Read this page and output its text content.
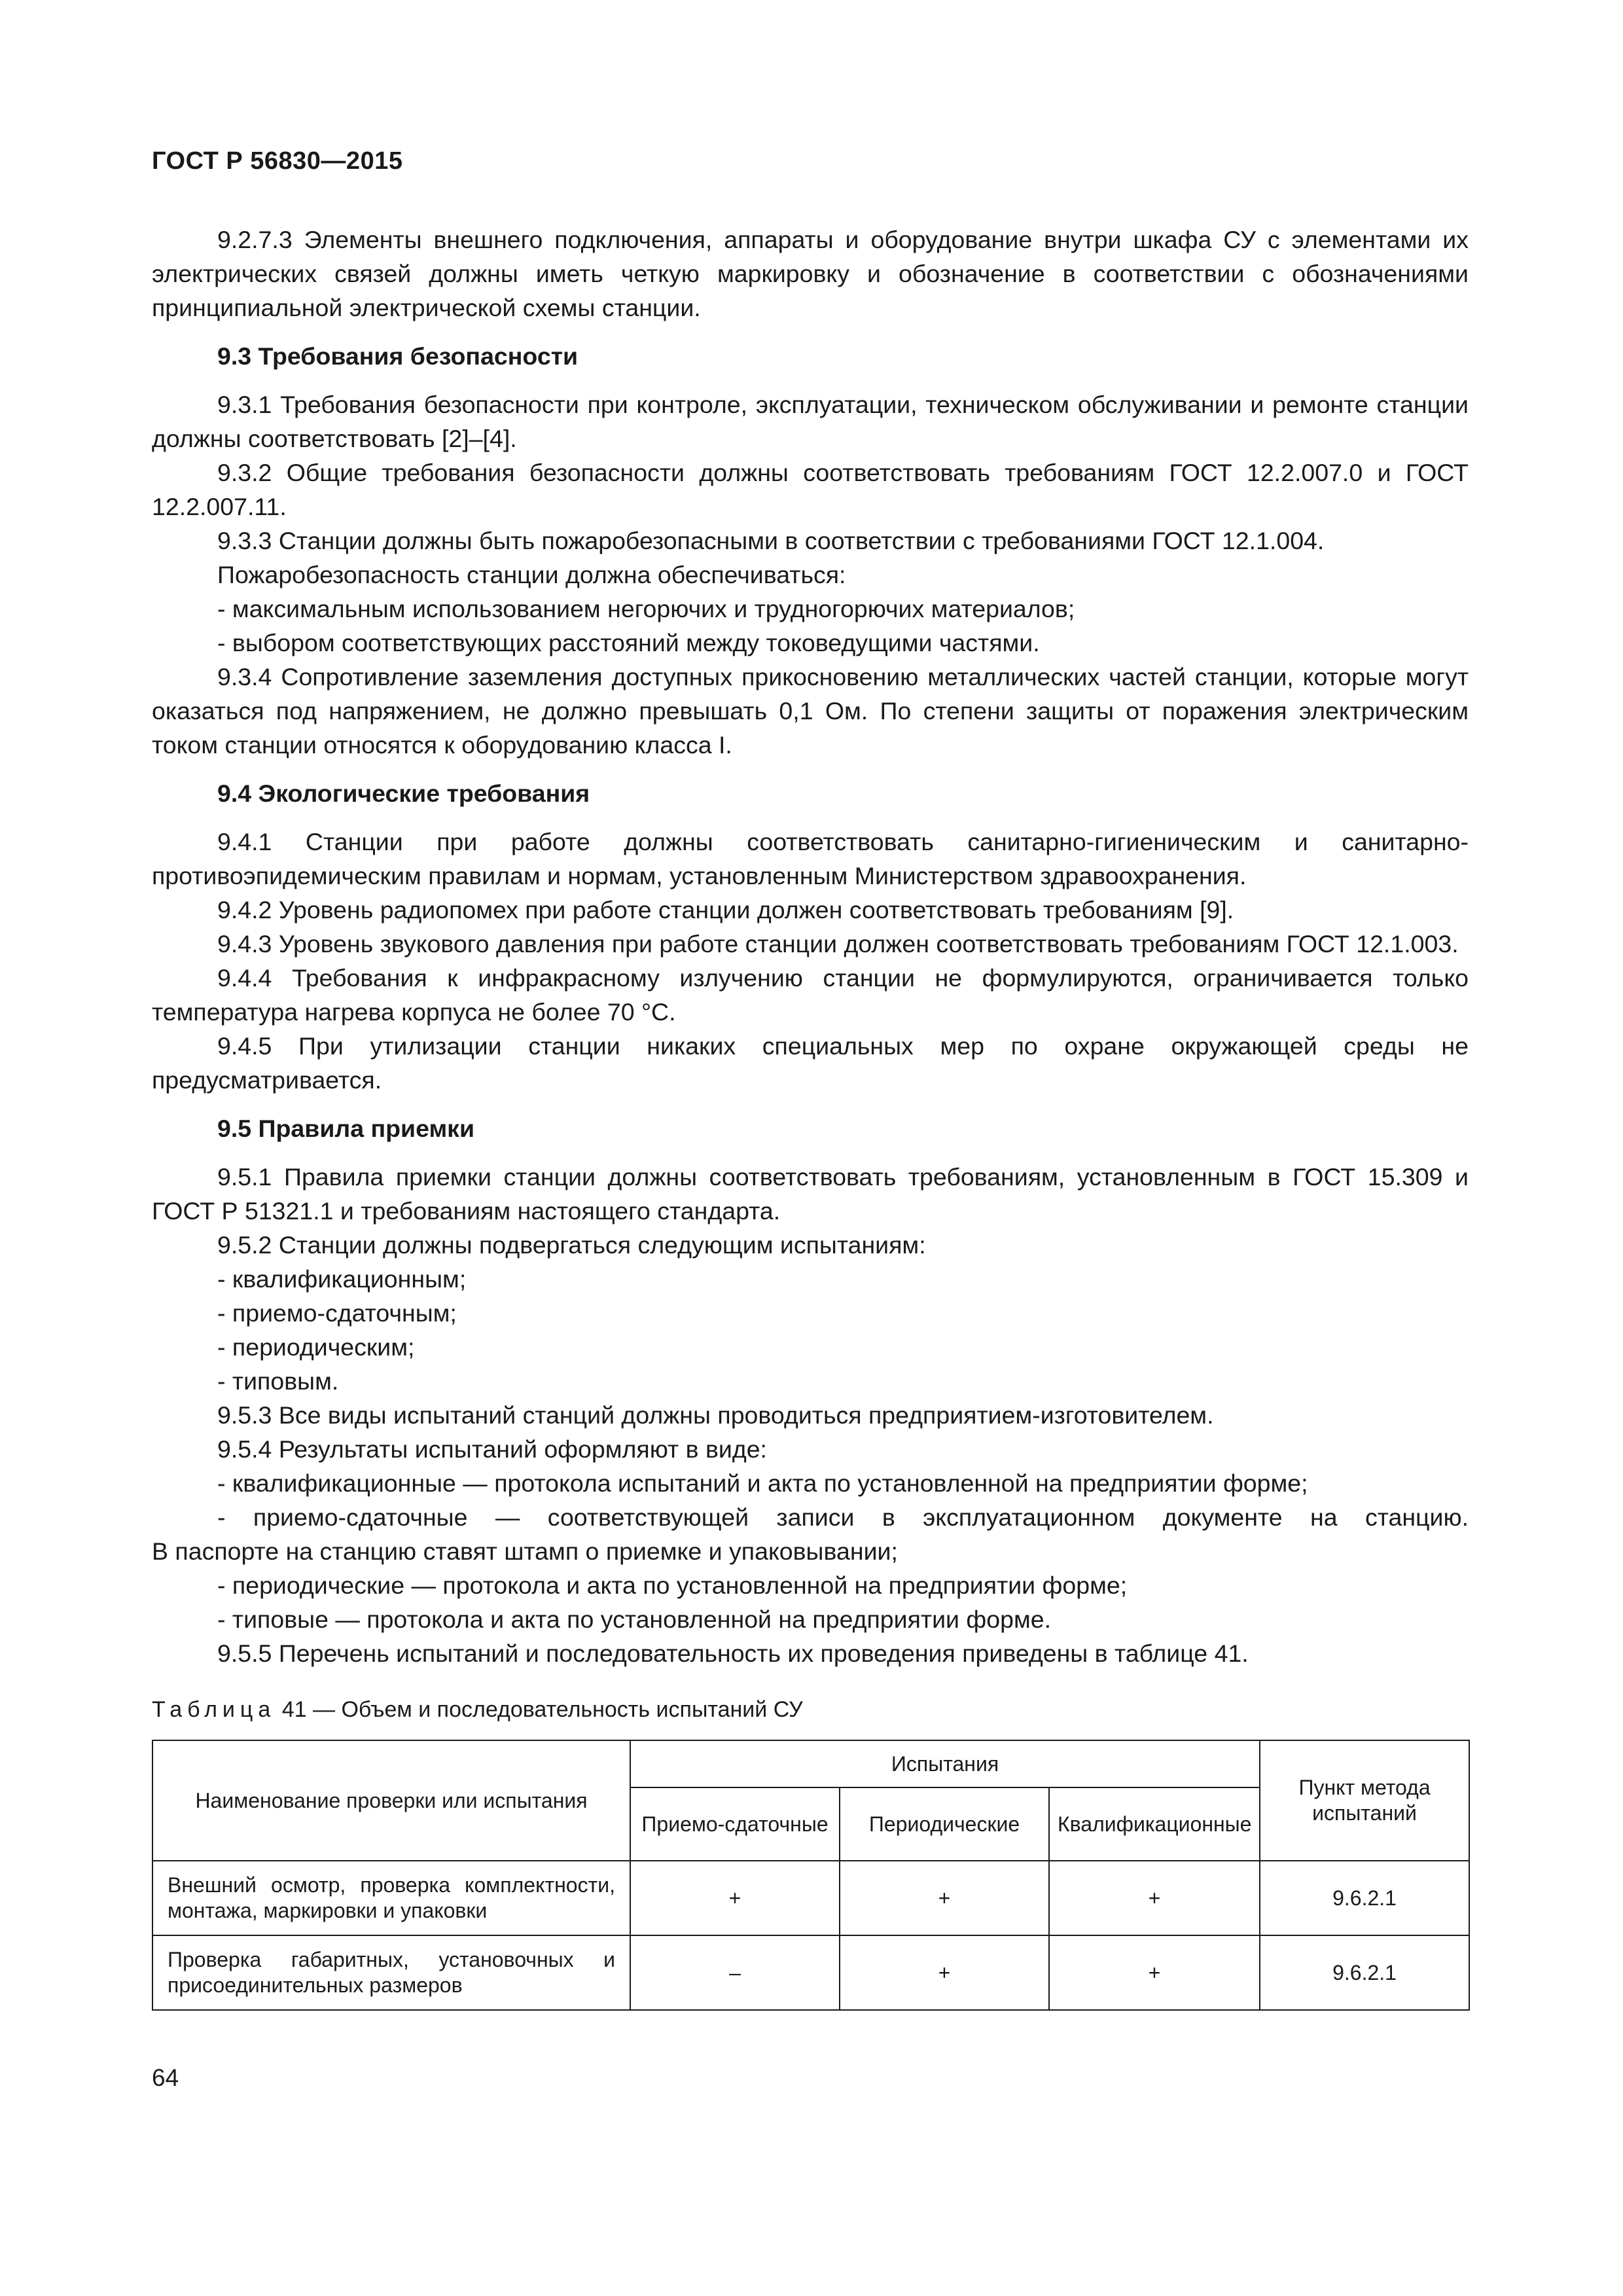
ГОСТ Р 56830—2015

9.2.7.3 Элементы внешнего подключения, аппараты и оборудование внутри шкафа СУ с элементами их электрических связей должны иметь четкую маркировку и обозначение в соответствии с обозначениями принципиальной электрической схемы станции.

9.3 Требования безопасности

9.3.1 Требования безопасности при контроле, эксплуатации, техническом обслуживании и ремонте станции должны соответствовать [2]–[4].

9.3.2 Общие требования безопасности должны соответствовать требованиям ГОСТ 12.2.007.0 и ГОСТ 12.2.007.11.

9.3.3 Станции должны быть пожаробезопасными в соответствии с требованиями ГОСТ 12.1.004.

Пожаробезопасность станции должна обеспечиваться:

- максимальным использованием негорючих и трудногорючих материалов;

- выбором соответствующих расстояний между токоведущими частями.

9.3.4 Сопротивление заземления доступных прикосновению металлических частей станции, которые могут оказаться под напряжением, не должно превышать 0,1 Ом. По степени защиты от поражения электрическим током станции относятся к оборудованию класса I.

9.4 Экологические требования

9.4.1 Станции при работе должны соответствовать санитарно-гигиеническим и санитарно-противоэпидемическим правилам и нормам, установленным Министерством здравоохранения.

9.4.2 Уровень радиопомех при работе станции должен соответствовать требованиям [9].

9.4.3 Уровень звукового давления при работе станции должен соответствовать требованиям ГОСТ 12.1.003.

9.4.4 Требования к инфракрасному излучению станции не формулируются, ограничивается только температура нагрева корпуса не более 70 °С.

9.4.5 При утилизации станции никаких специальных мер по охране окружающей среды не предусматривается.

9.5 Правила приемки

9.5.1 Правила приемки станции должны соответствовать требованиям, установленным в ГОСТ 15.309 и ГОСТ Р 51321.1 и требованиям настоящего стандарта.

9.5.2 Станции должны подвергаться следующим испытаниям:

- квалификационным;

- приемо-сдаточным;

- периодическим;

- типовым.

9.5.3 Все виды испытаний станций должны проводиться предприятием-изготовителем.

9.5.4 Результаты испытаний оформляют в виде:

- квалификационные — протокола испытаний и акта по установленной на предприятии форме;

- приемо-сдаточные — соответствующей записи в эксплуатационном документе на станцию.

В паспорте на станцию ставят штамп о приемке и упаковывании;

- периодические — протокола и акта по установленной на предприятии форме;

- типовые — протокола и акта по установленной на предприятии форме.

9.5.5 Перечень испытаний и последовательность их проведения приведены в таблице 41.

Таблица 41 — Объем и последовательность испытаний СУ
Наименование проверки или испытания	Испытания			Пункт метода испытаний
	Приемо-сдаточные	Периодические	Квалификационные	
Внешний осмотр, проверка комплектности, монтажа, маркировки и упаковки	+	+	+	9.6.2.1
Проверка габаритных, установочных и присоединительных размеров	–	+	+	9.6.2.1
64
